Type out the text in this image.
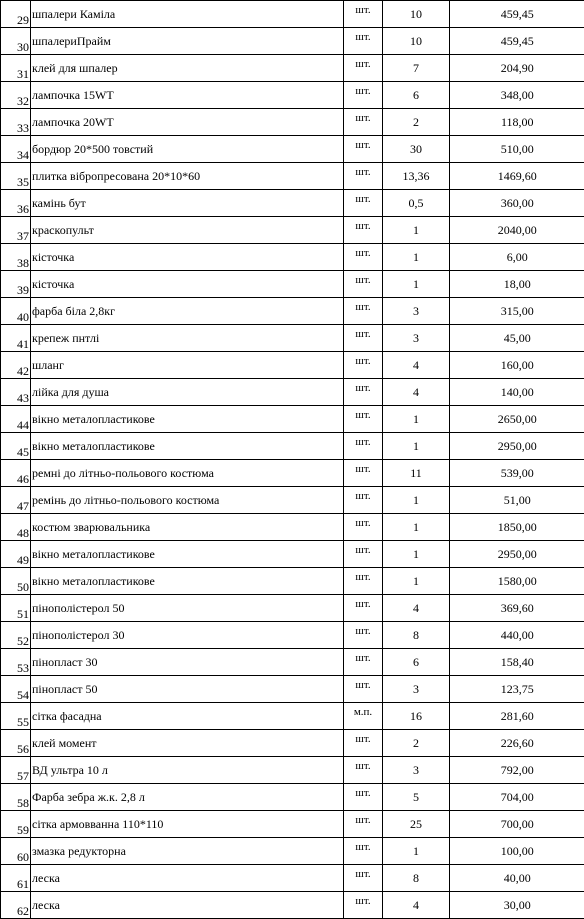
29	шпалери Каміла	шт.	10	459,45
30	шпалериПрайм	шт.	10	459,45
31	клей для шпалер	шт.	7	204,90
32	лампочка 15WT	шт.	6	348,00
33	лампочка 20WT	шт.	2	118,00
34	бордюр 20*500 товстий	шт.	30	510,00
35	плитка вібропресована 20*10*60	шт.	13,36	1469,60
36	камінь бут	шт.	0,5	360,00
37	краскопульт	шт.	1	2040,00
38	кісточка	шт.	1	6,00
39	кісточка	шт.	1	18,00
40	фарба біла 2,8кг	шт.	3	315,00
41	крепеж пнтлі	шт.	3	45,00
42	шланг	шт.	4	160,00
43	лійка для душа	шт.	4	140,00
44	вікно металопластикове	шт.	1	2650,00
45	вікно металопластикове	шт.	1	2950,00
46	ремні до літньо-польового костюма	шт.	11	539,00
47	ремінь до літньо-польового костюма	шт.	1	51,00
48	костюм зварювальника	шт.	1	1850,00
49	вікно металопластикове	шт.	1	2950,00
50	вікно металопластикове	шт.	1	1580,00
51	пінополістерол 50	шт.	4	369,60
52	пінополістерол 30	шт.	8	440,00
53	пінопласт 30	шт.	6	158,40
54	пінопласт 50	шт.	3	123,75
55	сітка фасадна	м.п.	16	281,60
56	клей момент	шт.	2	226,60
57	ВД ультра 10 л	шт.	3	792,00
58	Фарба зебра ж.к. 2,8 л	шт.	5	704,00
59	сітка армовванна 110*110	шт.	25	700,00
60	змазка редукторна	шт.	1	100,00
61	леска	шт.	8	40,00
62	леска	шт.	4	30,00
